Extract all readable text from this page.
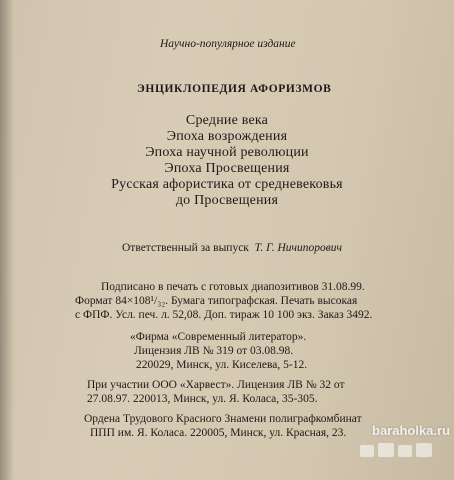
Научно-популярное издание
ЭНЦИКЛОПЕДИЯ АФОРИЗМОВ
Средние века
Эпоха возрождения
Эпоха научной революции
Эпоха Просвещения
Русская афористика от средневековья
до Просвещения
Ответственный за выпуск Т. Г. Ничипорович
Подписано в печать с готовых диапозитивов 31.08.99.
Формат 84×108¹/₃₂. Бумага типографская. Печать высокая
с ФПФ. Усл. печ. л. 52,08. Доп. тираж 10 100 экз. Заказ 3492.
«Фирма «Современный литератор».
Лицензия ЛВ № 319 от 03.08.98.
220029, Минск, ул. Киселева, 5-12.
При участии ООО «Харвест». Лицензия ЛВ № 32 от
27.08.97. 220013, Минск, ул. Я. Коласа, 35-305.
Ордена Трудового Красного Знамени полиграфкомбинат
ППП им. Я. Коласа. 220005, Минск, ул. Красная, 23.	baraholka.ru
